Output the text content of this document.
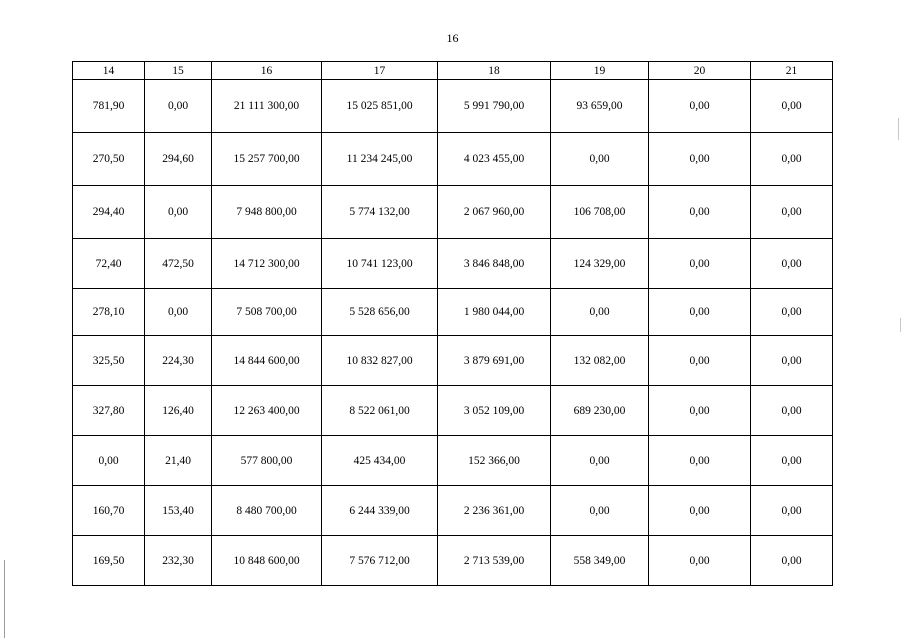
16
14	15	16	17	18	19	20	21
781,90	0,00	21 111 300,00	15 025 851,00	5 991 790,00	93 659,00	0,00	0,00
270,50	294,60	15 257 700,00	11 234 245,00	4 023 455,00	0,00	0,00	0,00
294,40	0,00	7 948 800,00	5 774 132,00	2 067 960,00	106 708,00	0,00	0,00
72,40	472,50	14 712 300,00	10 741 123,00	3 846 848,00	124 329,00	0,00	0,00
278,10	0,00	7 508 700,00	5 528 656,00	1 980 044,00	0,00	0,00	0,00
325,50	224,30	14 844 600,00	10 832 827,00	3 879 691,00	132 082,00	0,00	0,00
327,80	126,40	12 263 400,00	8 522 061,00	3 052 109,00	689 230,00	0,00	0,00
0,00	21,40	577 800,00	425 434,00	152 366,00	0,00	0,00	0,00
160,70	153,40	8 480 700,00	6 244 339,00	2 236 361,00	0,00	0,00	0,00
169,50	232,30	10 848 600,00	7 576 712,00	2 713 539,00	558 349,00	0,00	0,00
